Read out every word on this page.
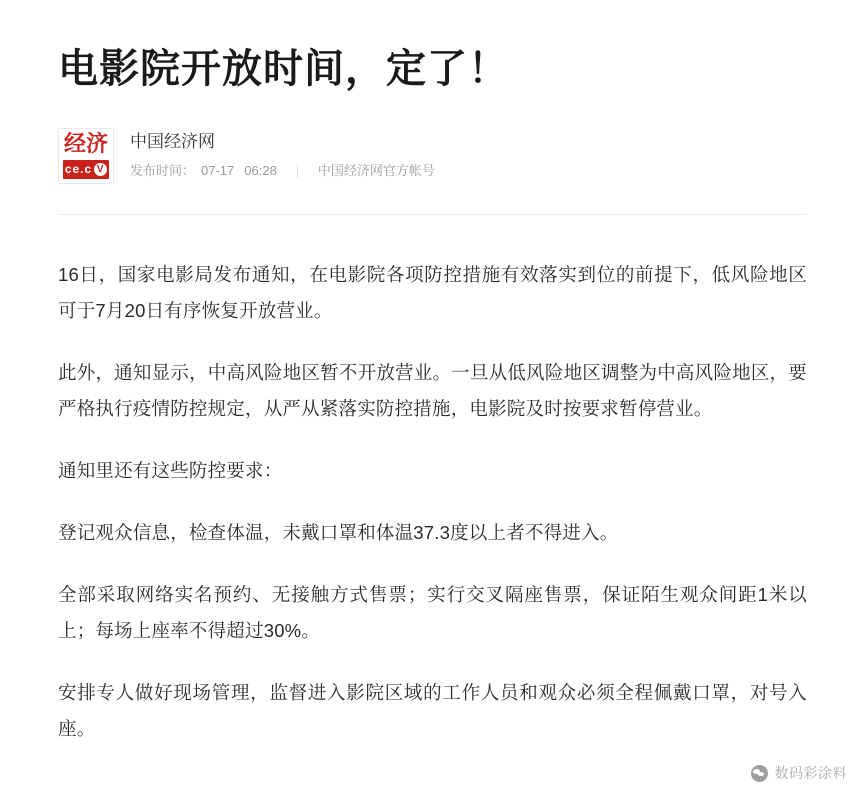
电影院开放时间，定了！
经济
ce.c V
中国经济网
发布时间： 07-17 06:28	中国经济网官方帐号

16日，国家电影局发布通知，在电影院各项防控措施有效落实到位的前提下，低风险地区可于7月20日有序恢复开放营业。

此外，通知显示，中高风险地区暂不开放营业。一旦从低风险地区调整为中高风险地区，要严格执行疫情防控规定，从严从紧落实防控措施，电影院及时按要求暂停营业。

通知里还有这些防控要求：

登记观众信息，检查体温，未戴口罩和体温37.3度以上者不得进入。

全部采取网络实名预约、无接触方式售票；实行交叉隔座售票，保证陌生观众间距1米以上；每场上座率不得超过30%。

安排专人做好现场管理，监督进入影院区域的工作人员和观众必须全程佩戴口罩，对号入座。

数码彩涂料
